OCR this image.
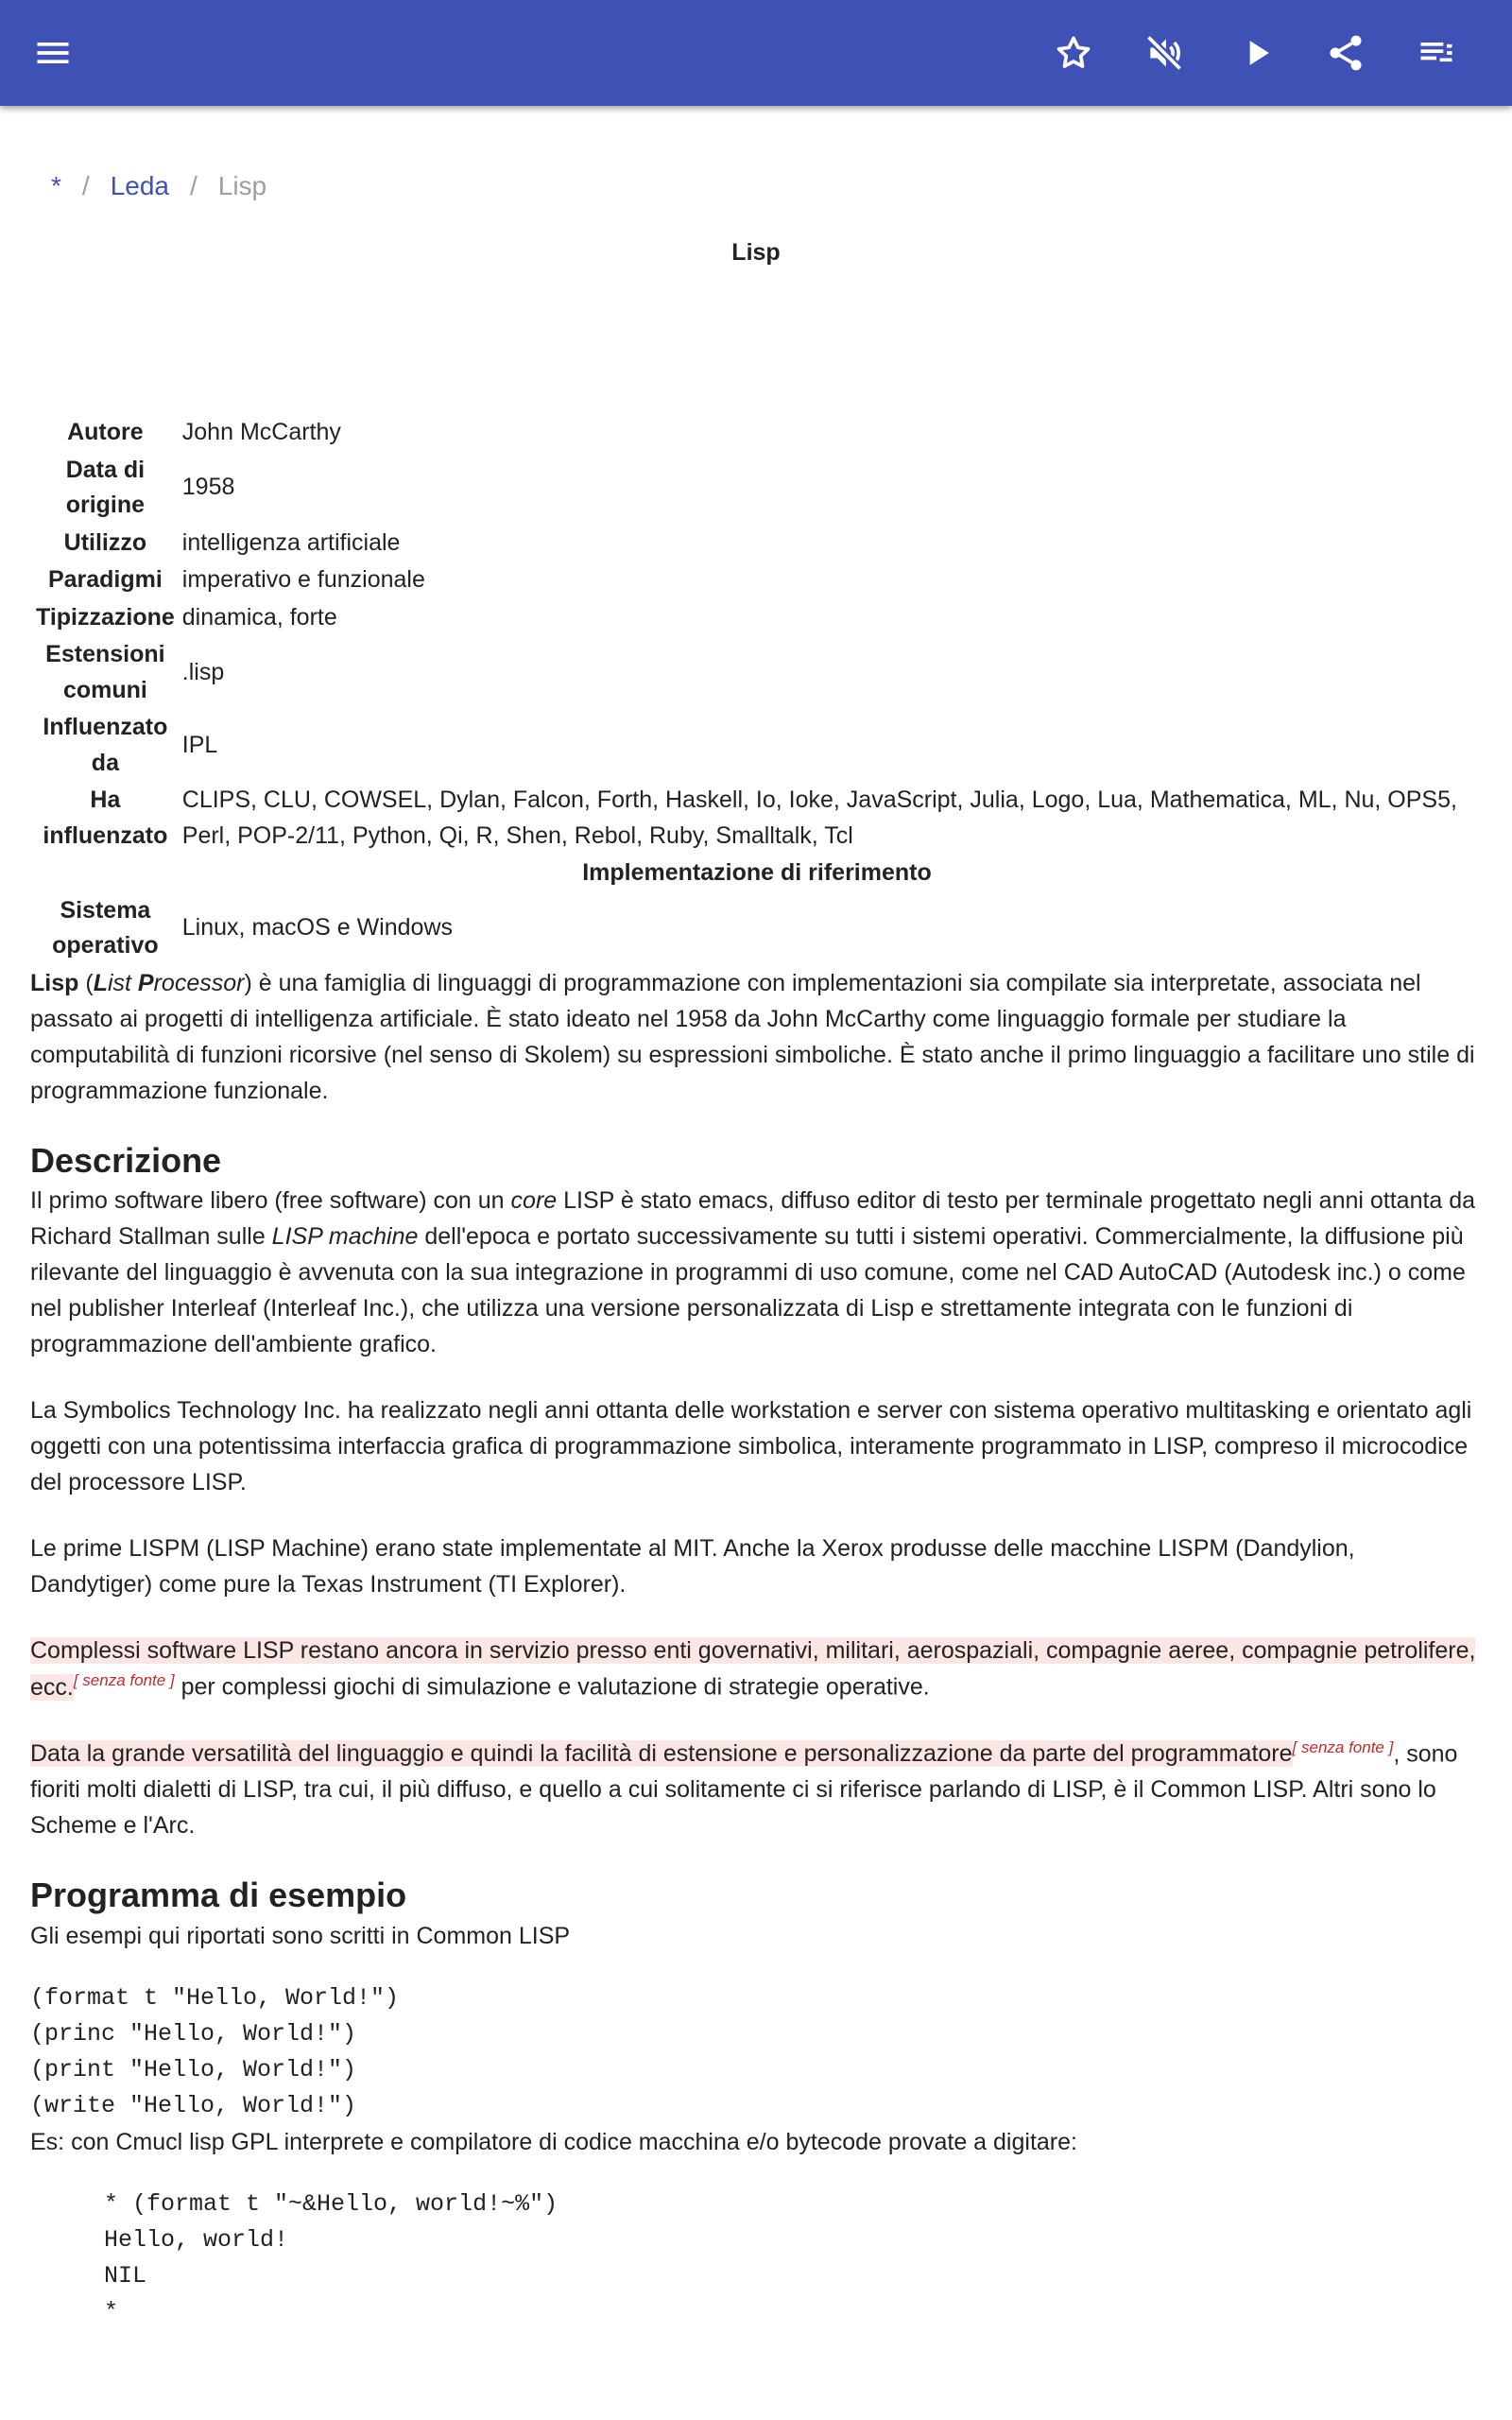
* / Leda / Lisp
Lisp
Autore	John McCarthy
Data di origine	1958
Utilizzo	intelligenza artificiale
Paradigmi	imperativo e funzionale
Tipizzazione	dinamica, forte
Estensioni comuni	.lisp
Influenzato da	IPL
Ha influenzato	CLIPS, CLU, COWSEL, Dylan, Falcon, Forth, Haskell, Io, Ioke, JavaScript, Julia, Logo, Lua, Mathematica, ML, Nu, OPS5, Perl, POP-2/11, Python, Qi, R, Shen, Rebol, Ruby, Smalltalk, Tcl
Implementazione di riferimento	
Sistema operativo	Linux, macOS e Windows

Lisp (List Processor) è una famiglia di linguaggi di programmazione con implementazioni sia compilate sia interpretate, associata nel passato ai progetti di intelligenza artificiale. È stato ideato nel 1958 da John McCarthy come linguaggio formale per studiare la computabilità di funzioni ricorsive (nel senso di Skolem) su espressioni simboliche. È stato anche il primo linguaggio a facilitare uno stile di programmazione funzionale.

Descrizione

Il primo software libero (free software) con un core LISP è stato emacs, diffuso editor di testo per terminale progettato negli anni ottanta da Richard Stallman sulle LISP machine dell'epoca e portato successivamente su tutti i sistemi operativi. Commercialmente, la diffusione più rilevante del linguaggio è avvenuta con la sua integrazione in programmi di uso comune, come nel CAD AutoCAD (Autodesk inc.) o come nel publisher Interleaf (Interleaf Inc.), che utilizza una versione personalizzata di Lisp e strettamente integrata con le funzioni di programmazione dell'ambiente grafico.

La Symbolics Technology Inc. ha realizzato negli anni ottanta delle workstation e server con sistema operativo multitasking e orientato agli oggetti con una potentissima interfaccia grafica di programmazione simbolica, interamente programmato in LISP, compreso il microcodice del processore LISP.

Le prime LISPM (LISP Machine) erano state implementate al MIT. Anche la Xerox produsse delle macchine LISPM (Dandylion, Dandytiger) come pure la Texas Instrument (TI Explorer).

Complessi software LISP restano ancora in servizio presso enti governativi, militari, aerospaziali, compagnie aeree, compagnie petrolifere, ecc.[ senza fonte ] per complessi giochi di simulazione e valutazione di strategie operative.

Data la grande versatilità del linguaggio e quindi la facilità di estensione e personalizzazione da parte del programmatore[ senza fonte ], sono fioriti molti dialetti di LISP, tra cui, il più diffuso, e quello a cui solitamente ci si riferisce parlando di LISP, è il Common LISP. Altri sono lo Scheme e l'Arc.

Programma di esempio

Gli esempi qui riportati sono scritti in Common LISP

(format t "Hello, World!")
(princ "Hello, World!")
(print "Hello, World!")
(write "Hello, World!")

Es: con Cmucl lisp GPL interprete e compilatore di codice macchina e/o bytecode provate a digitare:

* (format t "~&Hello, world!~%")
Hello, world!
NIL
*
